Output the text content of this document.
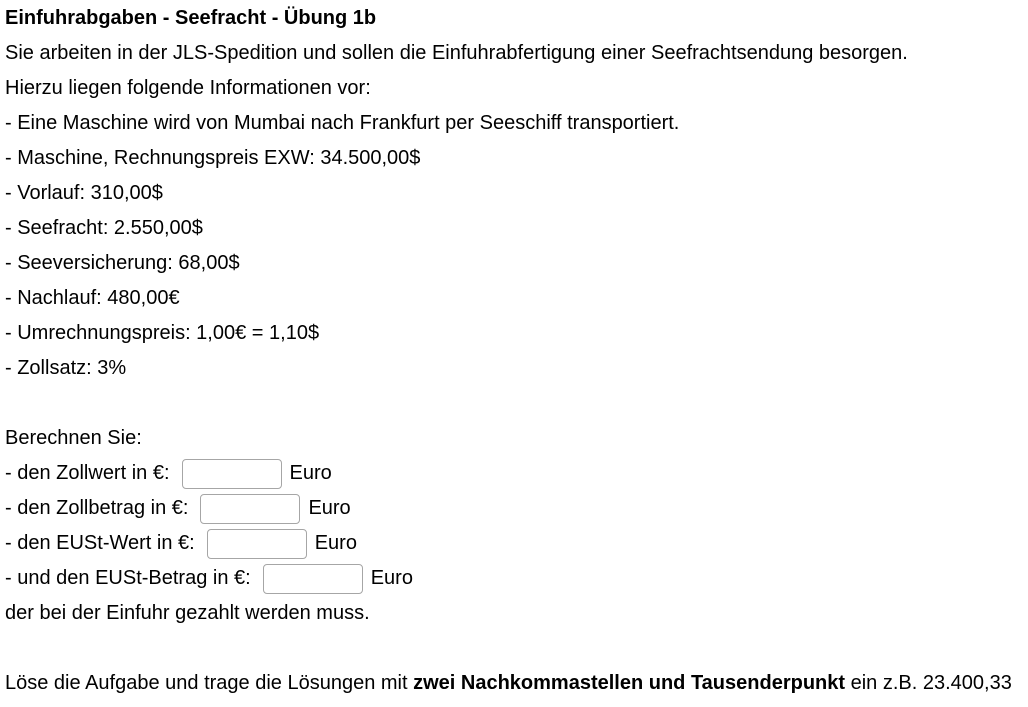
Einfuhrabgaben - Seefracht - Übung 1b
Sie arbeiten in der JLS-Spedition und sollen die Einfuhrabfertigung einer Seefrachtsendung besorgen.
Hierzu liegen folgende Informationen vor:
- Eine Maschine wird von Mumbai nach Frankfurt per Seeschiff transportiert.
- Maschine, Rechnungspreis EXW: 34.500,00$
- Vorlauf: 310,00$
- Seefracht: 2.550,00$
- Seeversicherung: 68,00$
- Nachlauf: 480,00€
- Umrechnungspreis: 1,00€ = 1,10$
- Zollsatz: 3%
Berechnen Sie:
- den Zollwert in €:	Euro
- den Zollbetrag in €:	Euro
- den EUSt-Wert in €:	Euro
- und den EUSt-Betrag in €:	Euro
der bei der Einfuhr gezahlt werden muss.
Löse die Aufgabe und trage die Lösungen mit zwei Nachkommastellen und Tausenderpunkt ein z.B. 23.400,33
